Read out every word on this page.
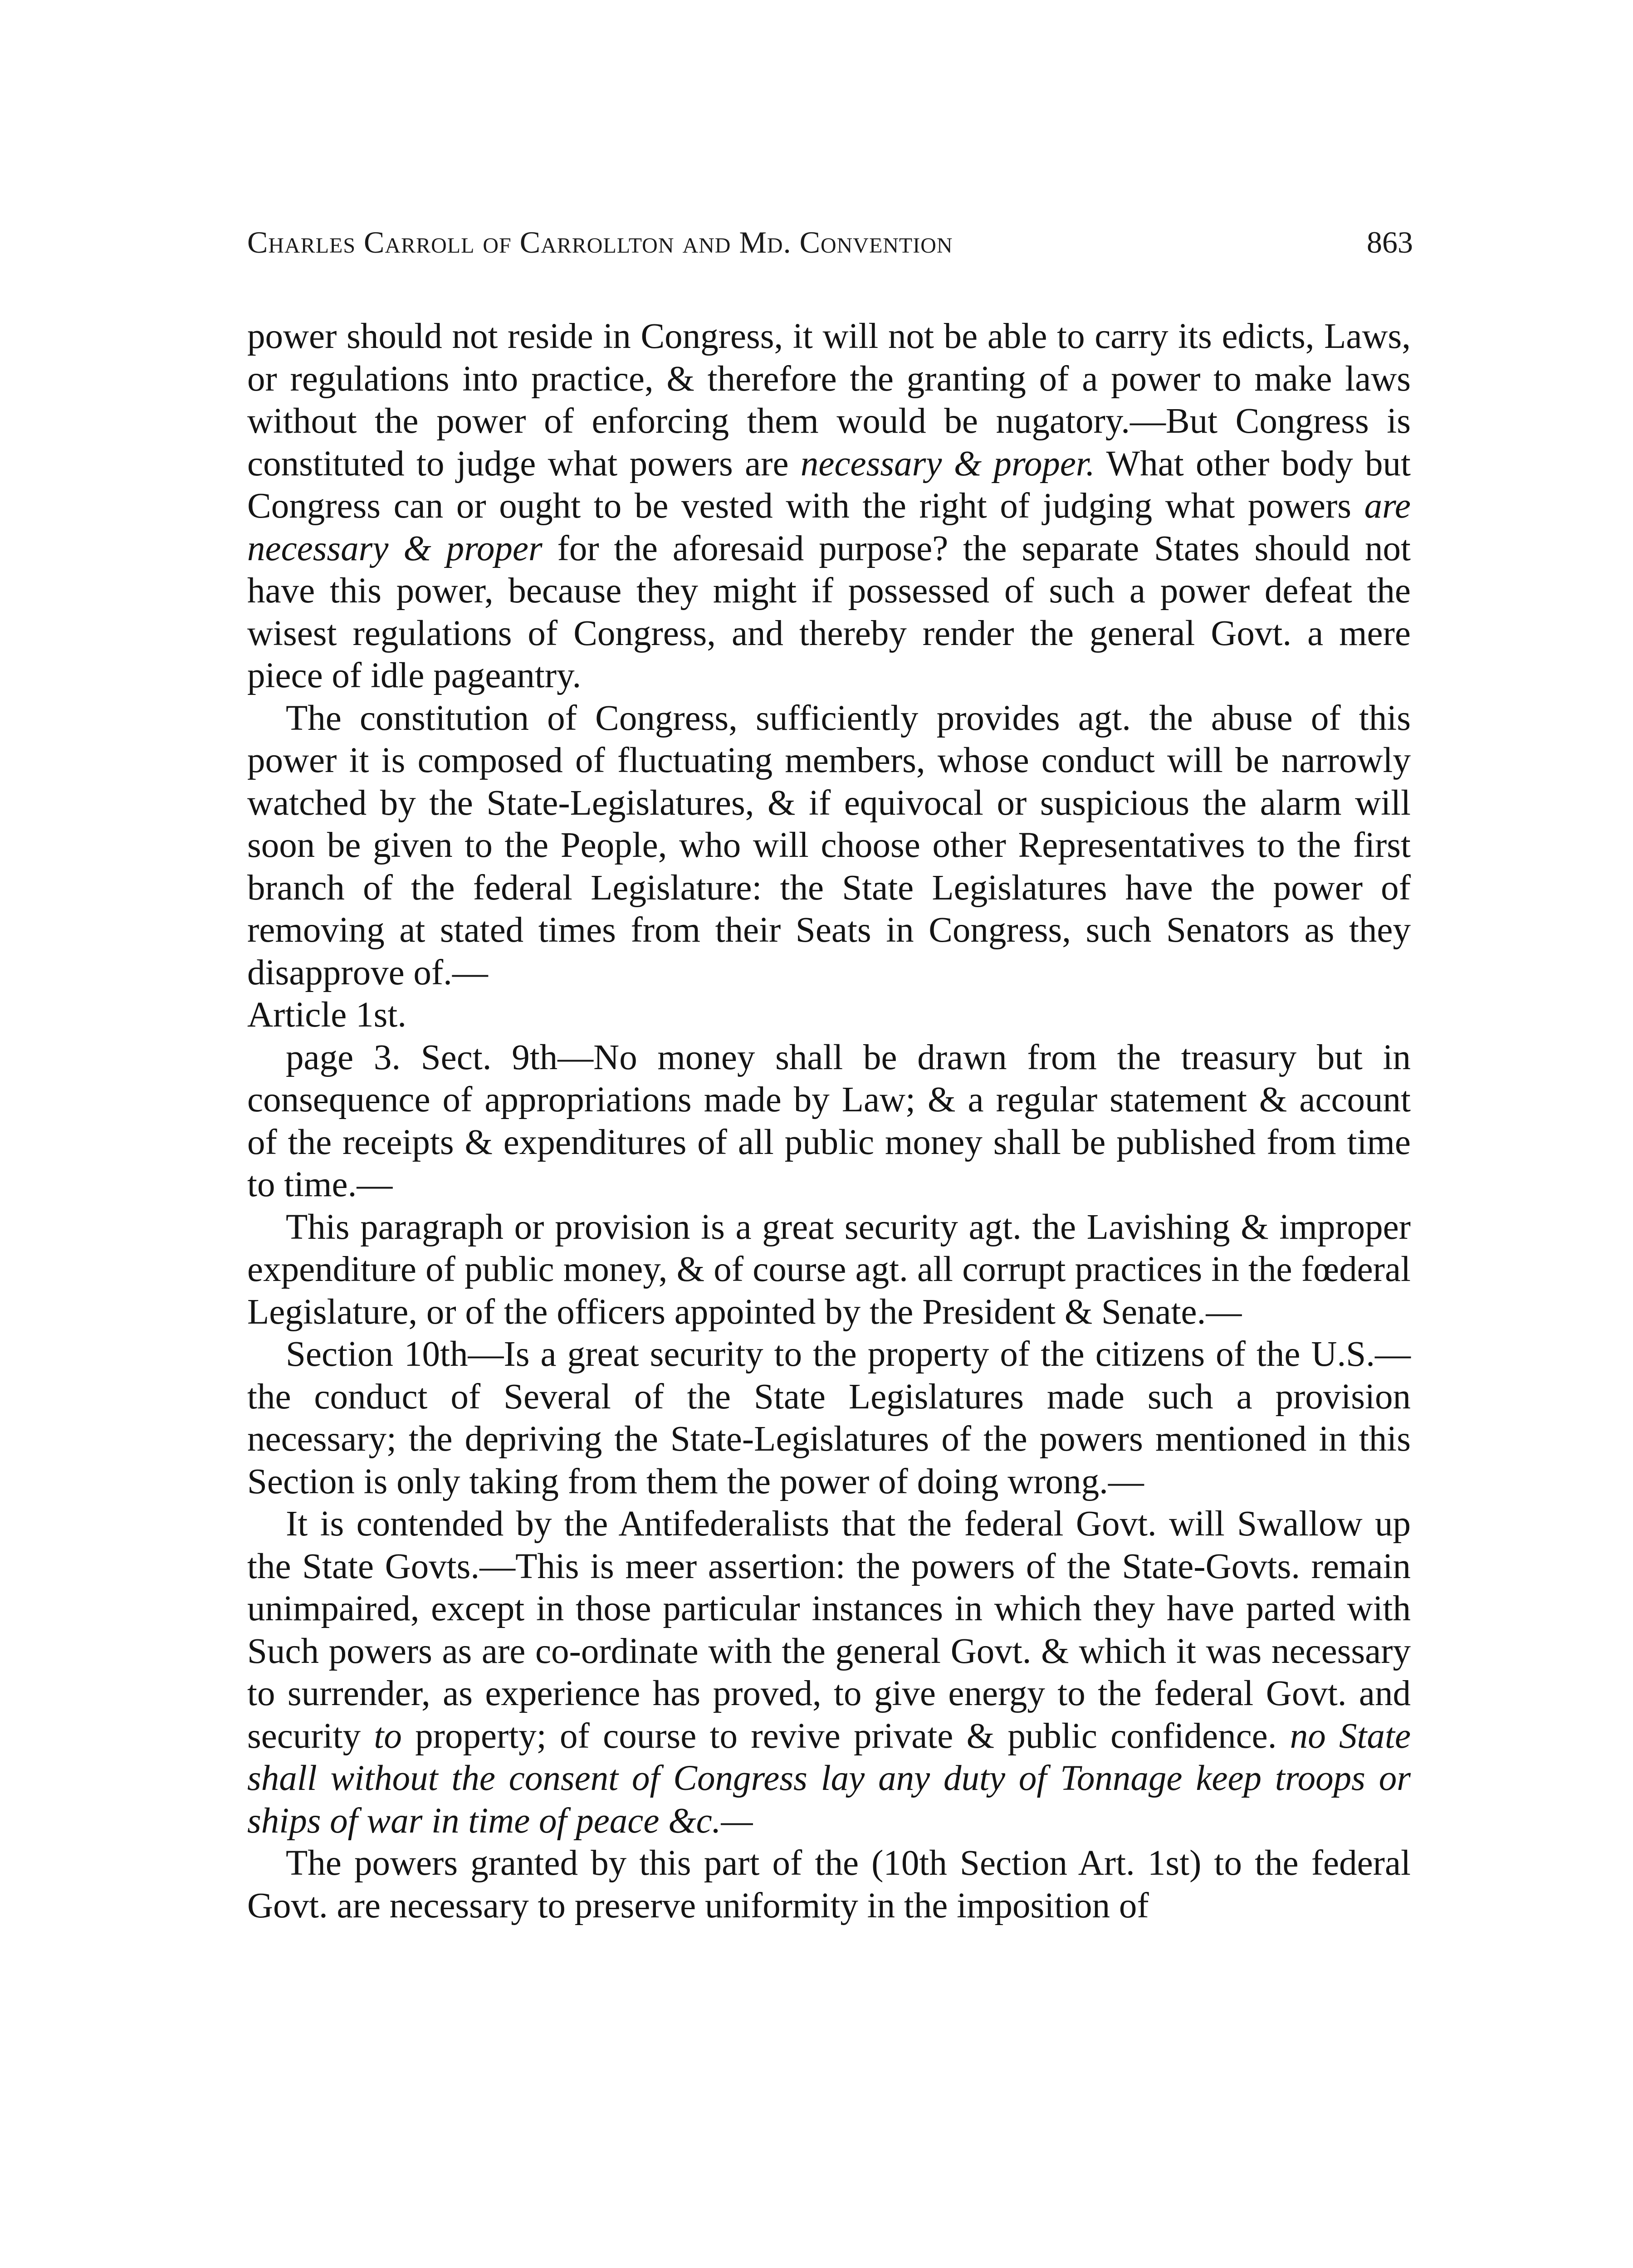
Charles Carroll of Carrollton and Md. Convention	863

power should not reside in Congress, it will not be able to carry its edicts, Laws, or regulations into practice, & therefore the granting of a power to make laws without the power of enforcing them would be nugatory.—But Congress is constituted to judge what powers are necessary & proper. What other body but Congress can or ought to be vested with the right of judging what powers are necessary & proper for the aforesaid purpose? the separate States should not have this power, because they might if possessed of such a power defeat the wisest regulations of Congress, and thereby render the general Govt. a mere piece of idle pageantry.

The constitution of Congress, sufficiently provides agt. the abuse of this power it is composed of fluctuating members, whose conduct will be narrowly watched by the State-Legislatures, & if equivocal or suspicious the alarm will soon be given to the People, who will choose other Representatives to the first branch of the federal Legislature: the State Legislatures have the power of removing at stated times from their Seats in Congress, such Senators as they disapprove of.—

Article 1st.

page 3. Sect. 9th—No money shall be drawn from the treasury but in consequence of appropriations made by Law; & a regular statement & account of the receipts & expenditures of all public money shall be published from time to time.—

This paragraph or provision is a great security agt. the Lavishing & improper expenditure of public money, & of course agt. all corrupt practices in the fœderal Legislature, or of the officers appointed by the President & Senate.—

Section 10th—Is a great security to the property of the citizens of the U.S.—the conduct of Several of the State Legislatures made such a provision necessary; the depriving the State-Legislatures of the powers mentioned in this Section is only taking from them the power of doing wrong.—

It is contended by the Antifederalists that the federal Govt. will Swallow up the State Govts.—This is meer assertion: the powers of the State-Govts. remain unimpaired, except in those particular instances in which they have parted with Such powers as are co-ordinate with the general Govt. & which it was necessary to surrender, as experience has proved, to give energy to the federal Govt. and security to property; of course to revive private & public confidence. no State shall without the consent of Congress lay any duty of Tonnage keep troops or ships of war in time of peace &c.—

The powers granted by this part of the (10th Section Art. 1st) to the federal Govt. are necessary to preserve uniformity in the imposition of
